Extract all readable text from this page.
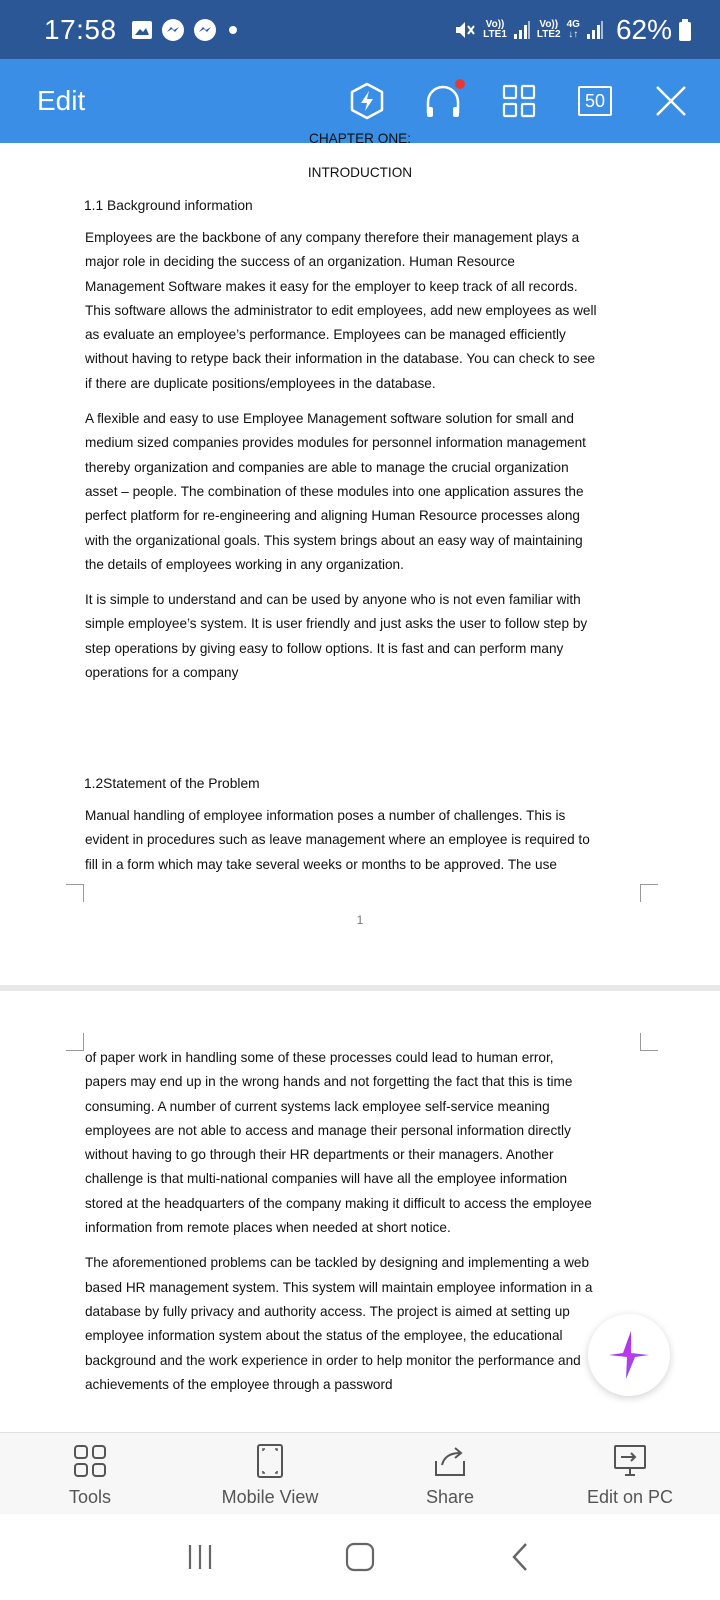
17:58	Vo))
LTE1
Vo))
LTE2
4G
↓↑ 62%
Edit	50
CHAPTER ONE:
INTRODUCTION
1.1 Background information

Employees are the backbone of any company therefore their management plays a major role in deciding the success of an organization. Human Resource Management Software makes it easy for the employer to keep track of all records. This software allows the administrator to edit employees, add new employees as well as evaluate an employee’s performance. Employees can be managed efficiently without having to retype back their information in the database. You can check to see if there are duplicate positions/employees in the database.

A flexible and easy to use Employee Management software solution for small and medium sized companies provides modules for personnel information management thereby organization and companies are able to manage the crucial organization asset – people. The combination of these modules into one application assures the perfect platform for re-engineering and aligning Human Resource processes along with the organizational goals. This system brings about an easy way of maintaining the details of employees working in any organization.

It is simple to understand and can be used by anyone who is not even familiar with simple employee’s system. It is user friendly and just asks the user to follow step by step operations by giving easy to follow options. It is fast and can perform many operations for a company

1.2Statement of the Problem

Manual handling of employee information poses a number of challenges. This is evident in procedures such as leave management where an employee is required to fill in a form which may take several weeks or months to be approved. The use

1

of paper work in handling some of these processes could lead to human error, papers may end up in the wrong hands and not forgetting the fact that this is time consuming. A number of current systems lack employee self-service meaning employees are not able to access and manage their personal information directly without having to go through their HR departments or their managers. Another challenge is that multi-national companies will have all the employee information stored at the headquarters of the company making it difficult to access the employee information from remote places when needed at short notice.

The aforementioned problems can be tackled by designing and implementing a web based HR management system. This system will maintain employee information in a database by fully privacy and authority access. The project is aimed at setting up employee information system about the status of the employee, the educational background and the work experience in order to help monitor the performance and achievements of the employee through a password

Tools	Mobile View	Share	Edit on PC
